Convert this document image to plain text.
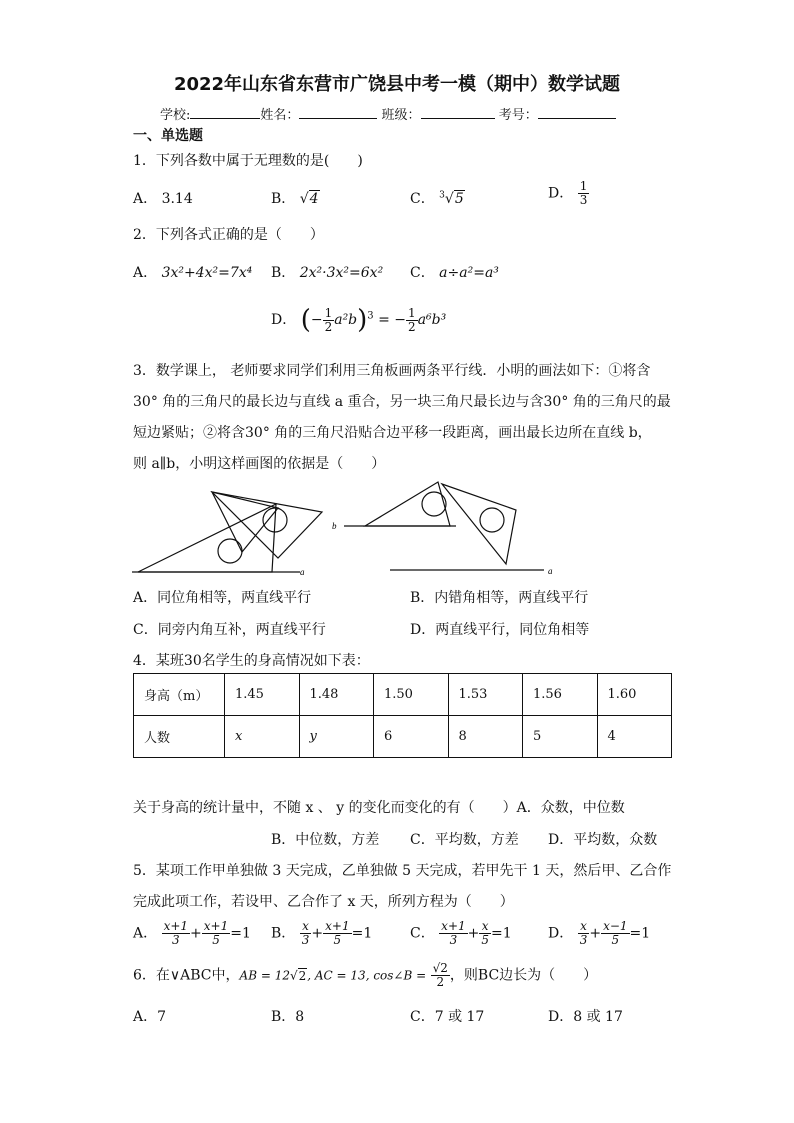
2022年山东省东营市广饶县中考一模（期中）数学试题
学校:	姓名：	班级：	考号：
一、单选题
1．下列各数中属于无理数的是(　　)
A． 3.14	B． √4	C． $^3$√5	D． $\frac{1}{3}$
2．下列各式正确的是（　　）
A． 3x²+4x²=7x⁴ B． 2x²·3x²=6x² C． a÷a²=a³
D． (− $\frac{1}{2} a^2b)^3$ = − $\frac{1}{2} a^6b^3$
3．数学课上， 老师要求同学们利用三角板画两条平行线．小明的画法如下：①将含
30° 角的三角尺的最长边与直线 a 重合，另一块三角尺最长边与含30° 角的三角尺的最
短边紧贴；②将含30° 角的三角尺沿贴合边平移一段距离，画出最长边所在直线 b，
则 a∥b，小明这样画图的依据是（　　）
a
b
a
A．同位角相等，两直线平行	B．内错角相等，两直线平行
C．同旁内角互补，两直线平行	D．两直线平行，同位角相等
4．某班30名学生的身高情况如下表：
身高（m）	1.45	1.48	1.50	1.53	1.56	1.60
人数	x	y	6	8	5	4
关于身高的统计量中，不随 x 、 y 的变化而变化的有（　　）A．众数，中位数
B．中位数，方差 C．平均数，方差 D．平均数，众数
5．某项工作甲单独做 3 天完成，乙单独做 5 天完成，若甲先干 1 天，然后甲、乙合作
完成此项工作，若设甲、乙合作了 x 天，所列方程为（　　）
A． $\frac{x+1}{3} + \frac{x+1}{5} =1$ B． $\frac{x}{3} + \frac{x+1}{5} =1$	C． $\frac{x+1}{3} + \frac{x}{5} =1$	D． $\frac{x}{3} + \frac{x-1}{5} =1$
6．在∨ABC中，AB = 12√2, AC = 13, cos∠B = $\frac{√2}{2}$ ，则BC边长为（　　）
A．7	B．8	C．7 或 17	D．8 或 17
